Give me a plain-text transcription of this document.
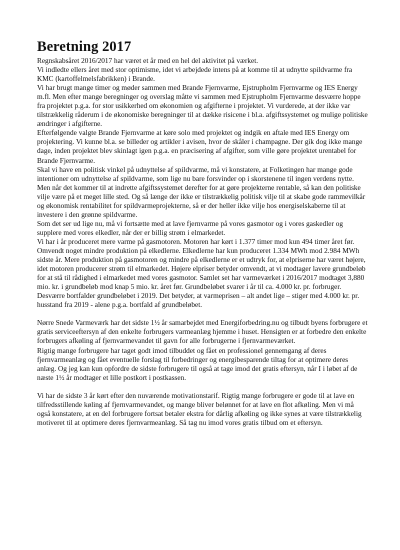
Beretning 2017

Regnskabsåret 2016/2017 har været et år med en hel del aktivitet på værket.

Vi indledte ellers året med stor optimisme, idet vi arbejdede intens på at komme til at udnytte spildvarme fra KMC (kartoffelmelsfabrikken) i Brande.

Vi har brugt mange timer og møder sammen med Brande Fjernvarme, Ejstrupholm Fjernvarme og IES Energy m.fl. Men efter mange beregninger og overslag måtte vi sammen med Ejstrupholm Fjernvarme desværre hoppe fra projektet p.g.a. for stor usikkerhed om økonomien og afgifterne i projektet. Vi vurderede, at der ikke var tilstrækkelig råderum i de økonomiske beregninger til at dække risicene i bl.a. afgiftssystemet og mulige politiske ændringer i afgifterne.

Efterfølgende valgte Brande Fjernvarme at køre solo med projektet og indgik en aftale med IES Energy om projektering. Vi kunne bl.a. se billeder og artikler i avisen, hvor de skåler i champagne. Der gik dog ikke mange dage, inden projektet blev skinlagt igen p.g.a. en præcisering af afgifter, som ville gøre projektet urentabel for Brande Fjernvarme.

Skal vi have en politisk vinkel på udnyttelse af spildvarme, må vi konstatere, at Folketingen har mange gode intentioner om udnyttelse af spildvarme, som lige nu bare forsvinder op i skorstenene til ingen verdens nytte. Men når det kommer til at indrette afgiftssystemet derefter for at gøre projekterne rentable, så kan den politiske vilje være på et meget lille sted. Og så længe der ikke er tilstrækkelig politisk vilje til at skabe gode rammevilkår og økonomisk rentabilitet for spildvarmeprojekterne, så er der heller ikke vilje hos energiselskaberne til at investere i den grønne spildvarme.

Som det ser ud lige nu, må vi fortsætte med at lave fjernvarme på vores gasmotor og i vores gaskedler og supplere med vores elkedler, når der er billig strøm i elmarkedet.

Vi har i år produceret mere varme på gasmotoren. Motoren har kørt i 1.377 timer mod kun 494 timer året før. Omvendt noget mindre produktion på elkedlerne. Elkedlerne har kun produceret 1.334 MWh mod 2.984 MWh sidste år. Mere produktion på gasmotoren og mindre på elkedlerne er et udtryk for, at elpriserne har været højere, idet motoren producerer strøm til elmarkedet. Højere elpriser betyder omvendt, at vi modtager lavere grundbeløb for at stå til rådighed i elmarkedet med vores gasmotor. Samlet set har varmeværket i 2016/2017 modtaget 3,880 mio. kr. i grundbeløb mod knap 5 mio. kr. året før. Grundbeløbet svarer i år til ca. 4.000 kr. pr. forbruger. Desværre bortfalder grundbeløbet i 2019. Det betyder, at varmeprisen – alt andet lige – stiger med 4.000 kr. pr. husstand fra 2019 - alene p.g.a. bortfald af grundbeløbet.

Nørre Snede Varmeværk har det sidste 1½ år samarbejdet med Energiforbedring.nu og tilbudt byens forbrugere et gratis serviceeftersyn af den enkelte forbrugers varmeanlæg hjemme i huset. Hensigten er at forbedre den enkelte forbrugers afkøling af fjernvarmevandet til gavn for alle forbrugerne i fjernvarmeværket.

Rigtig mange forbrugere har taget godt imod tilbuddet og fået en professionel gennemgang af deres fjernvarmeanlæg og fået eventuelle forslag til forbedringer og energibesparende tiltag for at optimere deres anlæg. Og jeg kan kun opfordre de sidste forbrugere til også at tage imod det gratis eftersyn, når I i løbet af de næste 1½ år modtager et lille postkort i postkassen.

Vi har de sidste 3 år kørt efter den nuværende motivationstarif. Rigtig mange forbrugere er gode til at lave en tilfredsstillende køling af fjernvarmevandet, og mange bliver belønnet for at lave en flot afkøling. Men vi må også konstatere, at en del forbrugere fortsat betaler ekstra for dårlig afkøling og ikke synes at være tilstrækkelig motiveret til at optimere deres fjernvarmeanlæg. Så tag nu imod vores gratis tilbud om et eftersyn.
